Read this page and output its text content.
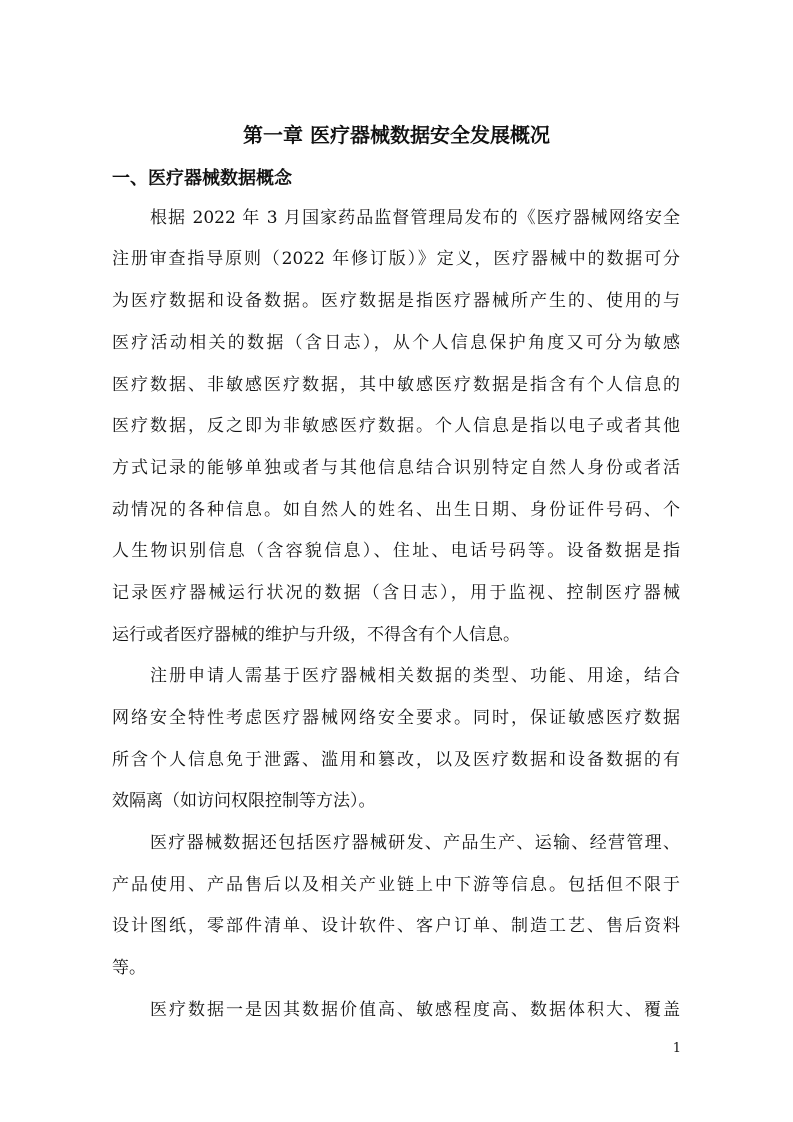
第一章 医疗器械数据安全发展概况
一、医疗器械数据概念

根据 2022 年 3 月国家药品监督管理局发布的《医疗器械网络安全

注册审查指导原则（2022 年修订版）》定义，医疗器械中的数据可分

为医疗数据和设备数据。医疗数据是指医疗器械所产生的、使用的与

医疗活动相关的数据（含日志），从个人信息保护角度又可分为敏感

医疗数据、非敏感医疗数据，其中敏感医疗数据是指含有个人信息的

医疗数据，反之即为非敏感医疗数据。个人信息是指以电子或者其他

方式记录的能够单独或者与其他信息结合识别特定自然人身份或者活

动情况的各种信息。如自然人的姓名、出生日期、身份证件号码、个

人生物识别信息（含容貌信息）、住址、电话号码等。设备数据是指

记录医疗器械运行状况的数据（含日志），用于监视、控制医疗器械

运行或者医疗器械的维护与升级，不得含有个人信息。

注册申请人需基于医疗器械相关数据的类型、功能、用途，结合

网络安全特性考虑医疗器械网络安全要求。同时，保证敏感医疗数据

所含个人信息免于泄露、滥用和篡改，以及医疗数据和设备数据的有

效隔离（如访问权限控制等方法）。

医疗器械数据还包括医疗器械研发、产品生产、运输、经营管理、

产品使用、产品售后以及相关产业链上中下游等信息。包括但不限于

设计图纸，零部件清单、设计软件、客户订单、制造工艺、售后资料

等。

医疗数据一是因其数据价值高、敏感程度高、数据体积大、覆盖

1
